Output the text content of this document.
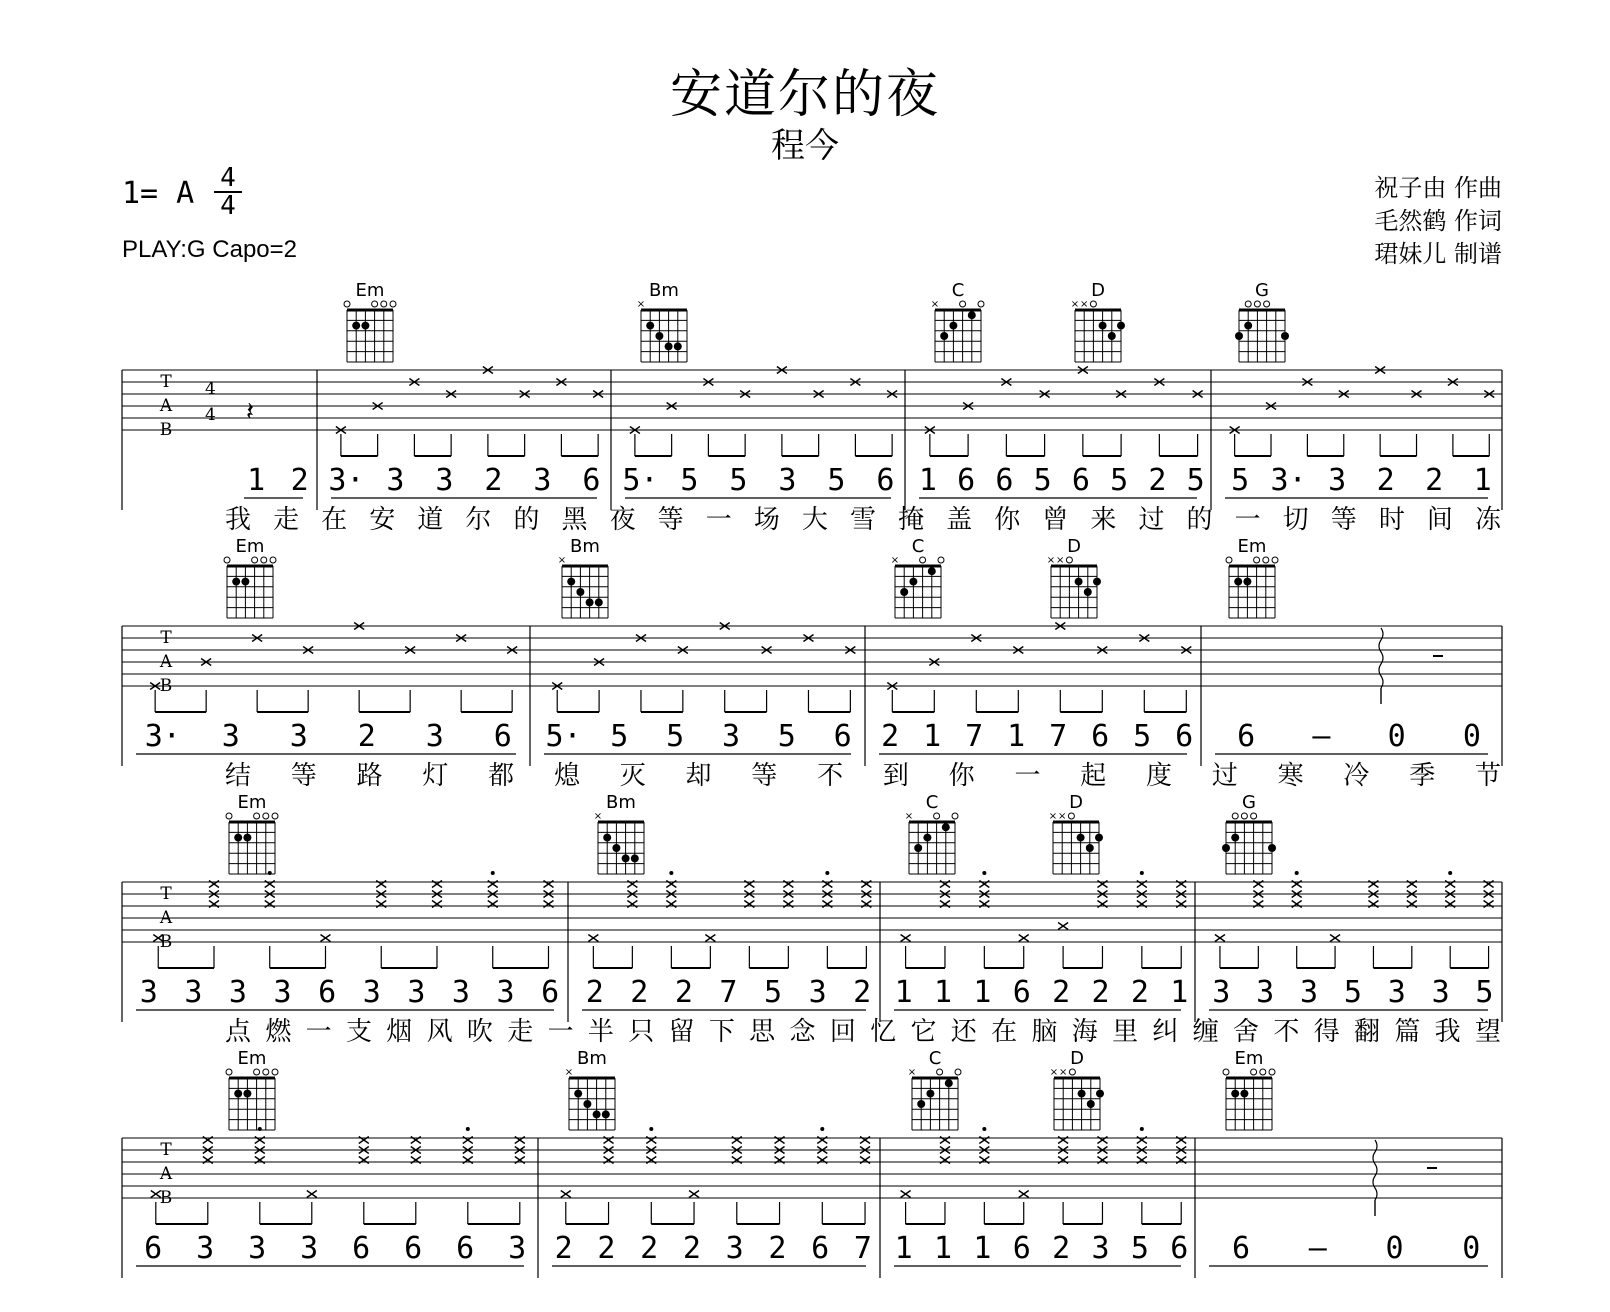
安道尔的夜
程今
1= A 4
4
PLAY:G Capo=2
祝子由 作曲
毛然鹤 作词
珺妹儿 制谱
T
A
B
4
4 𝄽
1 2 3· 3 3 2 3 6 5· 5 5 3 5 6 1 6 6 5 6 5 2 5 5 3· 3 2 2 1
我 走 在 安 道 尔 的 黑 夜 等 一 场 大 雪 掩 盖 你 曾 来 过 的 一 切 等 时 间 冻
Em	Bm
×
C
×
D
× ×
G
T
A
B
3· 3 3 2 3 6 5· 5 5 3 5 6 2 1 7 1 7 6 5 6 6 — 0 0
结 等 路 灯 都 熄 灭 却 等 不 到 你 一 起 度 过 寒 冷 季 节
Em	Bm
×
C
×
D
× ×
Em
T
A
B
3 3 3 3 6 3 3 3 3 6 2 2 2 7 5 3 2 1 1 1 6 2 2 2 1 3 3 3 5 3 3 5
点 燃 一 支 烟 风 吹 走 一 半 只 留 下 思 念 回 忆 它 还 在 脑 海 里 纠 缠 舍 不 得 翻 篇 我 望
Em	Bm
×
C
×
D
× ×
G
T
A
B
6 3 3 3 6 6 6 3 2 2 2 2 3 2 6 7 1 1 1 6 2 3 5 6 6 — 0 0
Em	Bm
×
C
×
D
× ×
Em
